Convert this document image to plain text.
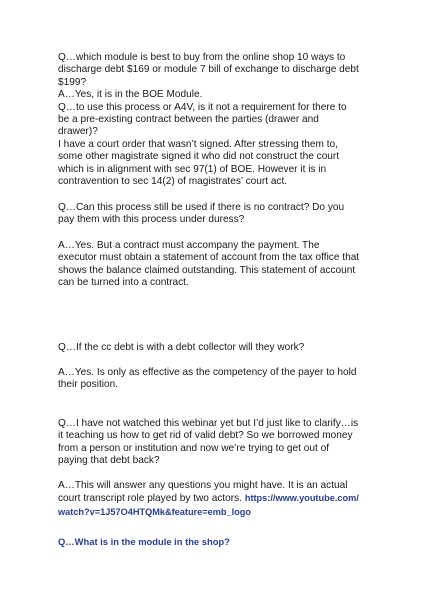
Q…which module is best to buy from the online shop 10 ways to
discharge debt $169 or module 7 bill of exchange to discharge debt
$199?
A…Yes, it is in the BOE Module.
Q…to use this process or A4V, is it not a requirement for there to
be a pre-existing contract between the parties (drawer and
drawer)?
I have a court order that wasn’t signed. After stressing them to,
some other magistrate signed it who did not construct the court
which is in alignment with sec 97(1) of BOE. However it is in
contravention to sec 14(2) of magistrates’ court act.
Q…Can this process still be used if there is no contract? Do you
pay them with this process under duress?
A…Yes. But a contract must accompany the payment. The
executor must obtain a statement of account from the tax office that
shows the balance claimed outstanding. This statement of account
can be turned into a contract.
Q…If the cc debt is with a debt collector will they work?
A…Yes. Is only as effective as the competency of the payer to hold
their position.
Q…I have not watched this webinar yet but I’d just like to clarify…is
it teaching us how to get rid of valid debt? So we borrowed money
from a person or institution and now we’re trying to get out of
paying that debt back?
A…This will answer any questions you might have. It is an actual
court transcript role played by two actors. https://www.youtube.com/
watch?v=1J57O4HTQMk&feature=emb_logo
Q…What is in the module in the shop?
